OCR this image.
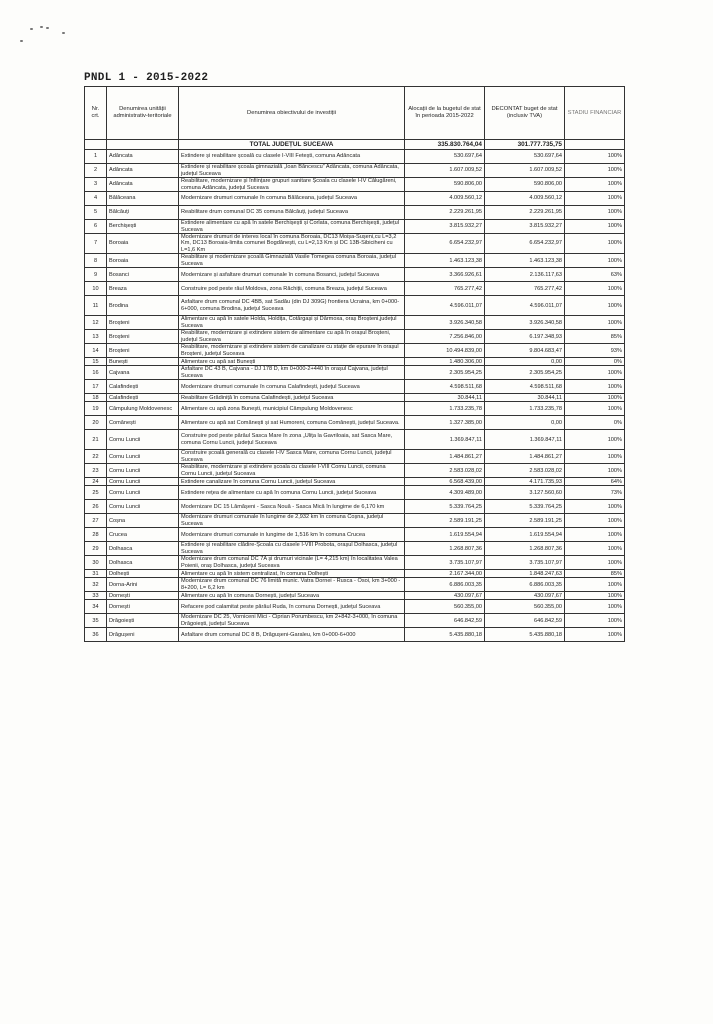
PNDL 1 - 2015-2022
Nr. crt.	Denumirea unității administrativ-teritoriale	Denumirea obiectivului de investiții	Alocații de la bugetul de stat în perioada 2015-2022	DECONTAT buget de stat (inclusiv TVA)	STADIU FINANCIAR
		TOTAL JUDEȚUL SUCEAVA	335.830.764,04	301.777.735,75	
1	Adâncata	Extindere și reabilitare școală cu clasele I-VIII Fetești, comuna Adâncata	530.697,64	530.697,64	100%
2	Adâncata	Extindere și reabilitare școala gimnazială „Ioan Băncescu” Adâncata, comuna Adâncata, județul Suceava	1.607.009,52	1.607.009,52	100%
3	Adâncata	Reabilitare, modernizare și înființare grupuri sanitare Școala cu clasele I-IV Călugăreni, comuna Adâncata, județul Suceava	590.806,00	590.806,00	100%
4	Bălăceana	Modernizare drumuri comunale în comuna Bălăceana, județul Suceava	4.009.560,12	4.009.560,12	100%
5	Bălcăuți	Reabilitare drum comunal DC 35 comuna Bălcăuți, județul Suceava	2.229.261,95	2.229.261,95	100%
6	Berchișești	Extindere alimentare cu apă în satele Berchișești și Corlata, comuna Berchișești, județul Suceava	3.815.932,27	3.815.932,27	100%
7	Boroaia	Modernizare drumuri de interes local în comuna Boroaia, DC13 Moișa-Sușeni,cu L=3,2 Km, DC13 Boroaia-limita comunei Bogdănești, cu L=2,13 Km și DC 13B-Sibiciheni cu L=1,6 Km	6.654.232,97	6.654.232,97	100%
8	Boroaia	Reabilitare și modernizare școală Gimnazială Vasile Tomegea comuna Boroaia, județul Suceava	1.463.123,38	1.463.123,38	100%
9	Bosanci	Modernizare și asfaltare drumuri comunale în comuna Bosanci, județul Suceava	3.366.926,61	2.136.117,63	63%
10	Breaza	Construire pod peste râul Moldova, zona Răchiții, comuna Breaza, județul Suceava	765.277,42	765.277,42	100%
11	Brodina	Asfaltare drum comunal DC 4BB, sat Sadău (din DJ 309G) frontiera Ucraina, km 0+000-6+000, comuna Brodina, județul Suceava	4.596.011,07	4.596.011,07	100%
12	Broșteni	Alimentare cu apă în satele Holda, Holdița, Cotârgași și Dârmoxa, oraș Broșteni,județul Suceava	3.926.340,58	3.926.340,58	100%
13	Broșteni	Reabilitare, modernizare și extindere sistem de alimentare cu apă în orașul Broșteni, județul Suceava	7.256.846,00	6.197.348,93	85%
14	Broșteni	Reabilitare, modernizare și extindere sistem de canalizare cu stație de epurare în orașul Broșteni, județul Suceava	10.494.839,00	9.804.683,47	93%
15	Bunești	Alimentare cu apă sat Bunești	1.480.306,00	0,00	0%
16	Cajvana	Asfaltare DC 43 B, Cajvana - DJ 178 D, km 0+000-2+440 în orașul Cajvana, județul Suceava	2.305.954,25	2.305.954,25	100%
17	Calafindești	Modernizare drumuri comunale în comuna Calafindești, județul Suceava	4.598.511,68	4.598.511,68	100%
18	Calafindești	Reabilitare Grădiniță în comuna Calafindești, județul Suceava	30.844,11	30.844,11	100%
19	Câmpulung Moldovenesc	Alimentare cu apă zona Bunești, municipiul Câmpulung Moldovenesc	1.733.235,78	1.733.235,78	100%
20	Comănești	Alimentare cu apă sat Comănești și sat Humoreni, comuna Comănești, județul Suceava.	1.327.385,00	0,00	0%
21	Cornu Luncii	Construire pod peste pârâul Sasca Mare în zona „Ulița la Gavriloaia, sat Sasca Mare, comuna Cornu Luncii, județul Suceava	1.369.847,11	1.369.847,11	100%
22	Cornu Luncii	Construire școală generală cu clasele I-IV Sasca Mare, comuna Cornu Luncii, județul Suceava	1.484.861,27	1.484.861,27	100%
23	Cornu Luncii	Reabilitare, modernizare și extindere școala cu clasele I-VIII Cornu Luncii, comuna Cornu Luncii, județul Suceava	2.583.028,02	2.583.028,02	100%
24	Cornu Luncii	Extindere canalizare în comuna Cornu Luncii, județul Suceava	6.568.439,00	4.171.735,93	64%
25	Cornu Luncii	Extindere rețea de alimentare cu apă în comuna Cornu Luncii, județul Suceava	4.309.489,00	3.127.560,60	73%
26	Cornu Luncii	Modernizare DC 15 Lămășeni - Sasca Nouă - Sasca Mică în lungime de 6,170 km	5.339.764,25	5.339.764,25	100%
27	Coșna	Modernizare drumuri comunale în lungime de 2,932 km în comuna Coșna, județul Suceava	2.589.191,25	2.589.191,25	100%
28	Crucea	Modernizare drumuri comunale in lungime de 1,516 km în comuna Crucea	1.619.554,94	1.619.554,94	100%
29	Dolhasca	Extindere și reabilitare clădire-Școala cu clasele I-VIII Probota, orașul Dolhasca, județul Suceava	1.268.807,36	1.268.807,36	100%
30	Dolhasca	Modernizare drum comunal DC 7A și drumuri vicinale (L= 4,215 km) în localitatea Valea Poienii, oraș Dolhasca, județul Suceava	3.735.107,97	3.735.107,97	100%
31	Dolhești	Alimentare cu apă în sistem centralizat, în comuna Dolhești	2.167.344,00	1.848.247,63	85%
32	Dorna-Arini	Modernizare drum comunal DC 76 limită munic. Vatra Dornei - Rusca - Osoi, km 3+000 - 8+200, L= 6,2 km	6.886.003,35	6.886.003,35	100%
33	Dornești	Alimentare cu apă în comuna Dornești, județul Suceava	430.097,67	430.097,67	100%
34	Dornești	Refacere pod calamitat peste pârâul Ruda, în comuna Dornești, județul Suceava	560.355,00	560.355,00	100%
35	Drăgoiești	Modernizare DC 25, Vorniceni Mici - Ciprian Porumbescu, km 2+842-3+000, în comuna Drăgoiești, județul Suceava	646.842,59	646.842,59	100%
36	Drăgușeni	Asfaltare drum comunal DC 8 B, Drăgușeni-Garaleu, km 0+000-6+000	5.435.880,18	5.435.880,18	100%
